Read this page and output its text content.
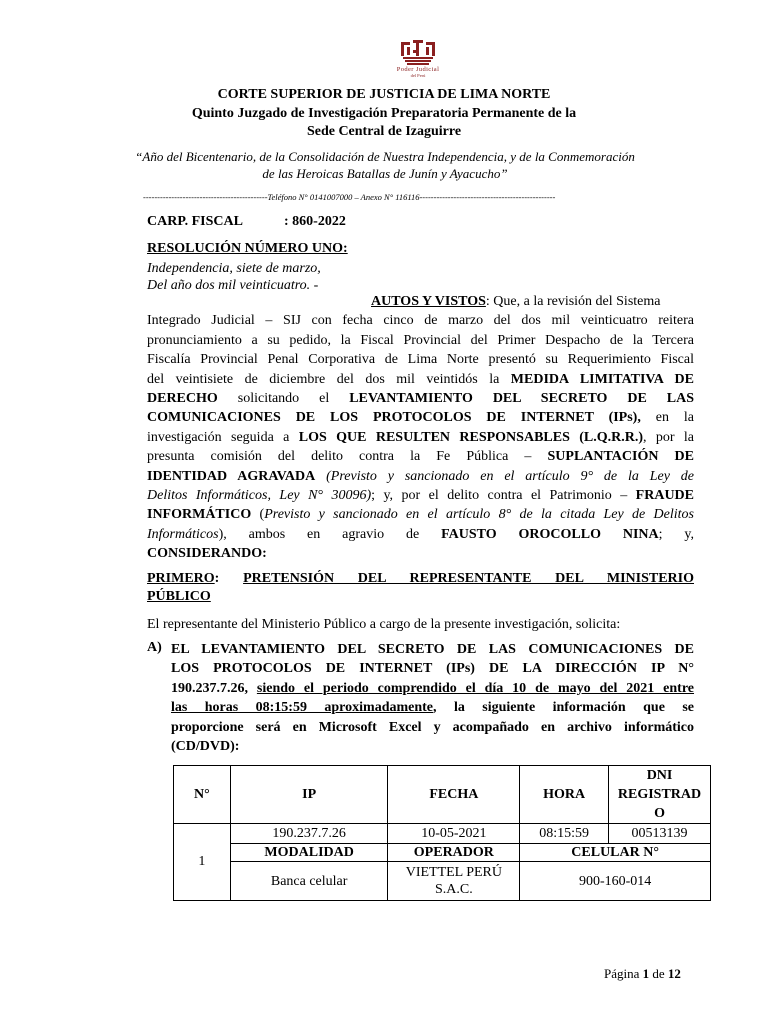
Poder Judicial
del Perú
CORTE SUPERIOR DE JUSTICIA DE LIMA NORTE
Quinto Juzgado de Investigación Preparatoria Permanente de la
Sede Central de Izaguirre
“Año del Bicentenario, de la Consolidación de Nuestra Independencia, y de la Conmemoración
de las Heroicas Batallas de Junín y Ayacucho”
--------------------------------------------Teléfono N° 0141007000 – Anexo N° 116116------------------------------------------------
CARP. FISCAL	: 860-2022
RESOLUCIÓN NÚMERO UNO:
Independencia, siete de marzo,
Del año dos mil veinticuatro. -
AUTOS Y VISTOS: Que, a la revisión del Sistema
Integrado Judicial – SIJ con fecha cinco de marzo del dos mil veinticuatro reitera
pronunciamiento a su pedido, la Fiscal Provincial del Primer Despacho de la Tercera
Fiscalía Provincial Penal Corporativa de Lima Norte presentó su Requerimiento Fiscal
del veintisiete de diciembre del dos mil veintidós la MEDIDA LIMITATIVA DE
DERECHO solicitando el LEVANTAMIENTO DEL SECRETO DE LAS
COMUNICACIONES DE LOS PROTOCOLOS DE INTERNET (IPs), en la
investigación seguida a LOS QUE RESULTEN RESPONSABLES (L.Q.R.R.), por la
presunta comisión del delito contra la Fe Pública – SUPLANTACIÓN DE
IDENTIDAD AGRAVADA (Previsto y sancionado en el artículo 9° de la Ley de
Delitos Informáticos, Ley N° 30096); y, por el delito contra el Patrimonio – FRAUDE
INFORMÁTICO (Previsto y sancionado en el artículo 8° de la citada Ley de Delitos
Informáticos), ambos en agravio de FAUSTO OROCOLLO NINA; y,
CONSIDERANDO:
PRIMERO: PRETENSIÓN DEL REPRESENTANTE DEL MINISTERIO
PÚBLICO
El representante del Ministerio Público a cargo de la presente investigación, solicita:
A) EL LEVANTAMIENTO DEL SECRETO DE LAS COMUNICACIONES DE
LOS PROTOCOLOS DE INTERNET (IPs) DE LA DIRECCIÓN IP N°
190.237.7.26, siendo el periodo comprendido el día 10 de mayo del 2021 entre
las horas 08:15:59 aproximadamente, la siguiente información que se
proporcione será en Microsoft Excel y acompañado en archivo informático
(CD/DVD):
N°	IP	FECHA	HORA	DNI REGISTRAD O
1	190.237.7.26	10-05-2021	08:15:59	00513139
	MODALIDAD	OPERADOR	CELULAR N°	
	Banca celular	VIETTEL PERÚ S.A.C.	900-160-014	
Página 1 de 12
